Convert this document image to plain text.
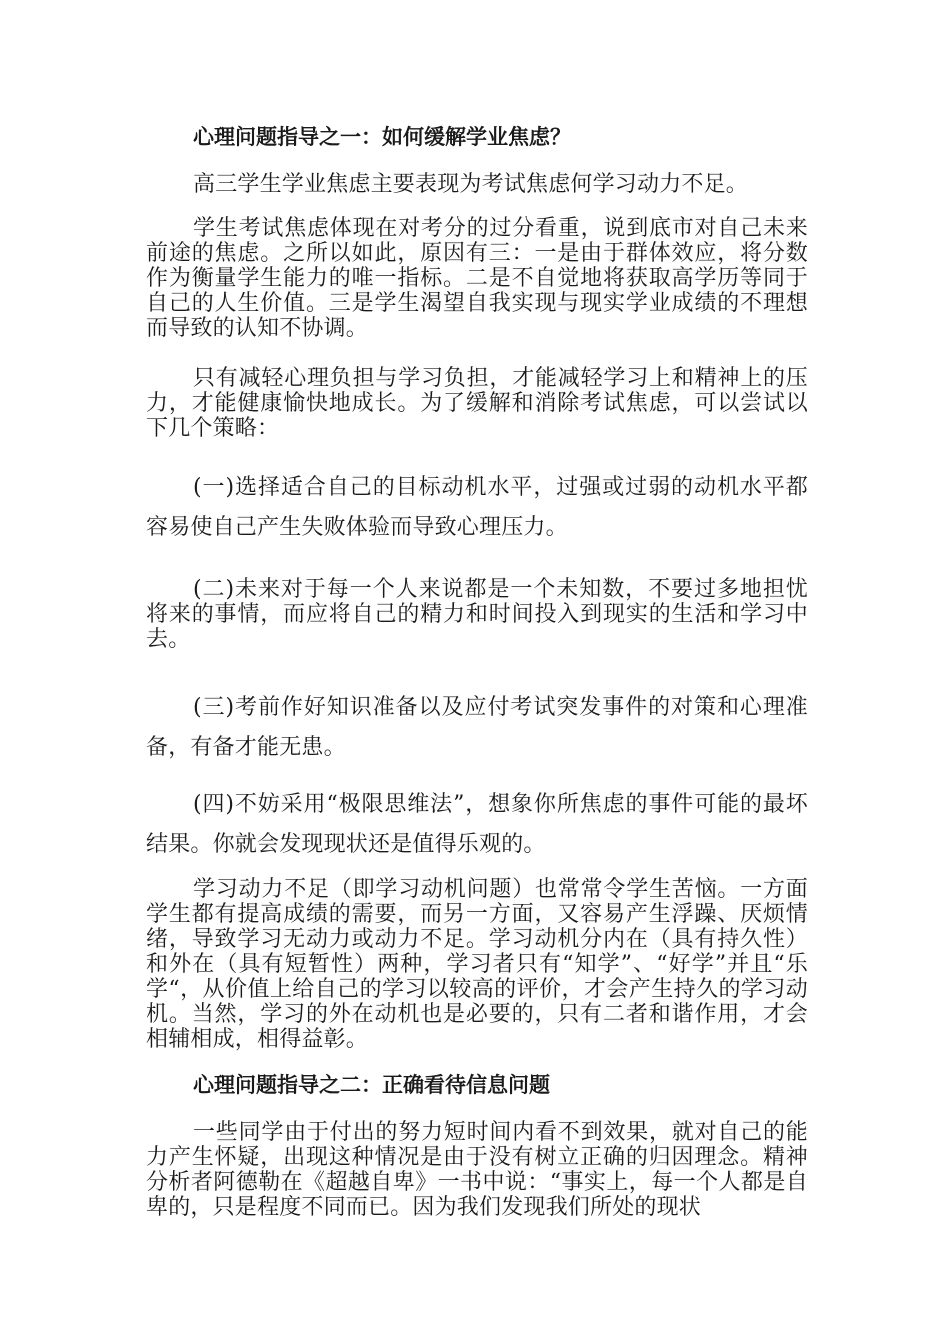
心理问题指导之一：如何缓解学业焦虑？

高三学生学业焦虑主要表现为考试焦虑何学习动力不足。

学生考试焦虑体现在对考分的过分看重，说到底市对自己未来前途的焦虑。之所以如此，原因有三：一是由于群体效应，将分数作为衡量学生能力的唯一指标。二是不自觉地将获取高学历等同于自己的人生价值。三是学生渴望自我实现与现实学业成绩的不理想而导致的认知不协调。

只有减轻心理负担与学习负担，才能减轻学习上和精神上的压力，才能健康愉快地成长。为了缓解和消除考试焦虑，可以尝试以下几个策略：

(一)选择适合自己的目标动机水平，过强或过弱的动机水平都容易使自己产生失败体验而导致心理压力。

(二)未来对于每一个人来说都是一个未知数，不要过多地担忧将来的事情，而应将自己的精力和时间投入到现实的生活和学习中去。

(三)考前作好知识准备以及应付考试突发事件的对策和心理准备，有备才能无患。

(四)不妨采用“极限思维法”，想象你所焦虑的事件可能的最坏结果。你就会发现现状还是值得乐观的。

学习动力不足（即学习动机问题）也常常令学生苦恼。一方面学生都有提高成绩的需要，而另一方面，又容易产生浮躁、厌烦情绪，导致学习无动力或动力不足。学习动机分内在（具有持久性）和外在（具有短暂性）两种，学习者只有“知学”、“好学”并且“乐学“，从价值上给自己的学习以较高的评价，才会产生持久的学习动机。当然，学习的外在动机也是必要的，只有二者和谐作用，才会相辅相成，相得益彰。

心理问题指导之二：正确看待信息问题

一些同学由于付出的努力短时间内看不到效果，就对自己的能力产生怀疑，出现这种情况是由于没有树立正确的归因理念。精神分析者阿德勒在《超越自卑》一书中说：“事实上，每一个人都是自卑的，只是程度不同而已。因为我们发现我们所处的现状
